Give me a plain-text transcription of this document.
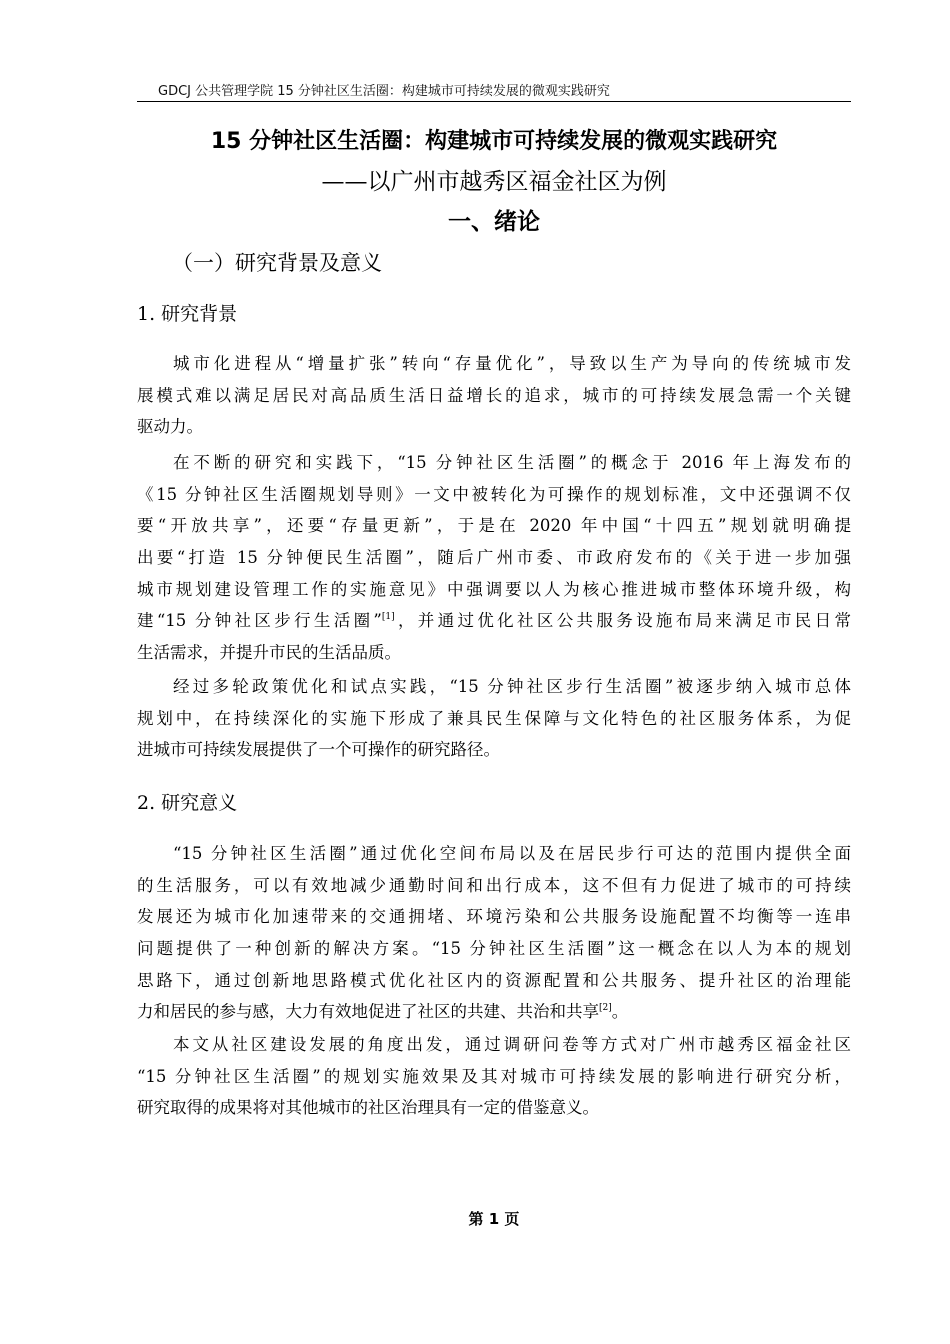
GDCJ 公共管理学院 15 分钟社区生活圈：构建城市可持续发展的微观实践研究
15 分钟社区生活圈：构建城市可持续发展的微观实践研究
——以广州市越秀区福金社区为例
一、绪论
（一）研究背景及意义
1. 研究背景
城市化进程从“增量扩张”转向“存量优化”，导致以生产为导向的传统城市发
展模式难以满足居民对高品质生活日益增长的追求，城市的可持续发展急需一个关键
驱动力。
在不断的研究和实践下，“15 分钟社区生活圈”的概念于 2016 年上海发布的
《15 分钟社区生活圈规划导则》一文中被转化为可操作的规划标准，文中还强调不仅
要“开放共享”，还要“存量更新”，于是在 2020 年中国“十四五”规划就明确提
出要“打造 15 分钟便民生活圈”，随后广州市委、市政府发布的《关于进一步加强
城市规划建设管理工作的实施意见》中强调要以人为核心推进城市整体环境升级，构
建“15 分钟社区步行生活圈”[1]，并通过优化社区公共服务设施布局来满足市民日常
生活需求，并提升市民的生活品质。
经过多轮政策优化和试点实践，“15 分钟社区步行生活圈”被逐步纳入城市总体
规划中，在持续深化的实施下形成了兼具民生保障与文化特色的社区服务体系，为促
进城市可持续发展提供了一个可操作的研究路径。
2. 研究意义
“15 分钟社区生活圈”通过优化空间布局以及在居民步行可达的范围内提供全面
的生活服务，可以有效地减少通勤时间和出行成本，这不但有力促进了城市的可持续
发展还为城市化加速带来的交通拥堵、环境污染和公共服务设施配置不均衡等一连串
问题提供了一种创新的解决方案。“15 分钟社区生活圈”这一概念在以人为本的规划
思路下，通过创新地思路模式优化社区内的资源配置和公共服务、提升社区的治理能
力和居民的参与感，大力有效地促进了社区的共建、共治和共享[2]。
本文从社区建设发展的角度出发，通过调研问卷等方式对广州市越秀区福金社区
“15 分钟社区生活圈”的规划实施效果及其对城市可持续发展的影响进行研究分析，
研究取得的成果将对其他城市的社区治理具有一定的借鉴意义。
第 1 页
